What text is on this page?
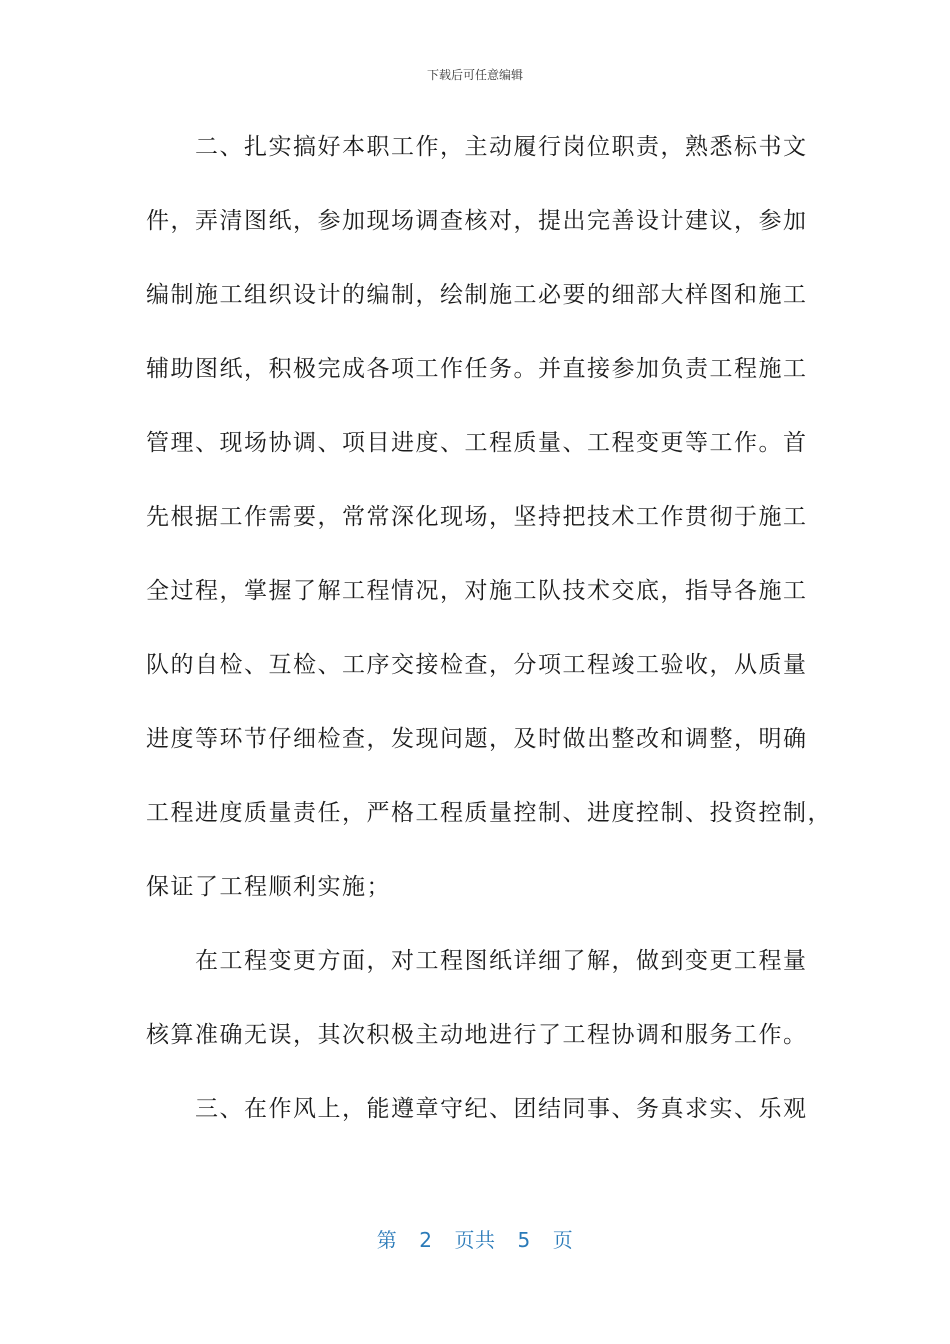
下载后可任意编辑
　　二、扎实搞好本职工作，主动履行岗位职责，熟悉标书文
件，弄清图纸，参加现场调查核对，提出完善设计建议，参加
编制施工组织设计的编制，绘制施工必要的细部大样图和施工
辅助图纸，积极完成各项工作任务。并直接参加负责工程施工
管理、现场协调、项目进度、工程质量、工程变更等工作。首
先根据工作需要，常常深化现场，坚持把技术工作贯彻于施工
全过程，掌握了解工程情况，对施工队技术交底，指导各施工
队的自检、互检、工序交接检查，分项工程竣工验收，从质量
进度等环节仔细检查，发现问题，及时做出整改和调整，明确
工程进度质量责任，严格工程质量控制、进度控制、投资控制，
保证了工程顺利实施；
　　在工程变更方面，对工程图纸详细了解，做到变更工程量
核算准确无误，其次积极主动地进行了工程协调和服务工作。
　　三、在作风上，能遵章守纪、团结同事、务真求实、乐观
第 2 页共 5 页
